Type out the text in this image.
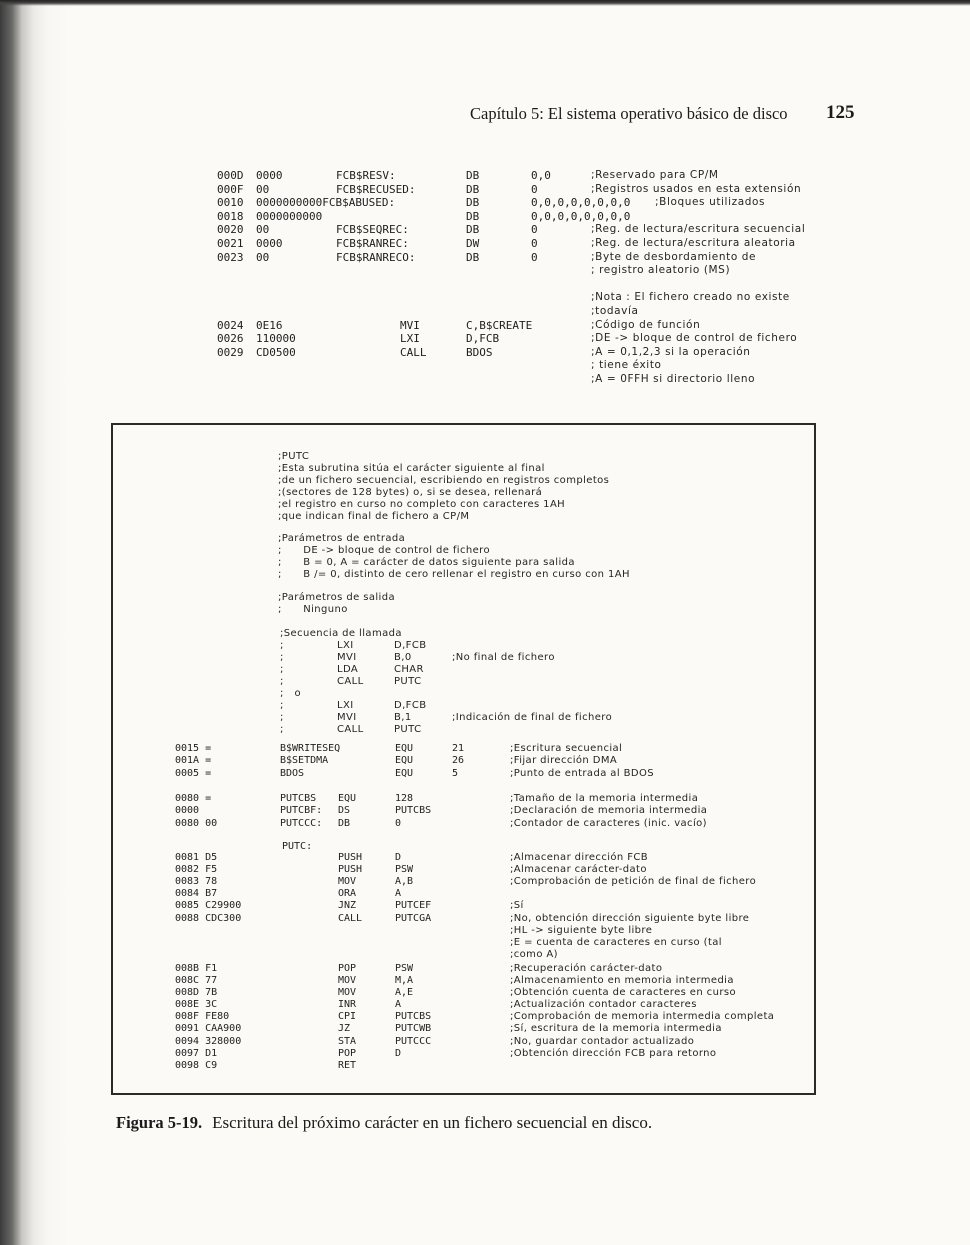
Capítulo 5: El sistema operativo básico de disco 125
000D 0000	FCB$RESV:	DB	0,0	;Reservado para CP/M
000F 00	FCB$RECUSED:	DB	0	;Registros usados en esta extensión
0010 0000000000FCB$ABUSED:	DB	0,0,0,0,0,0,0,0 ;Bloques utilizados
0018 0000000000	DB	0,0,0,0,0,0,0,0
0020 00	FCB$SEQREC:	DB	0	;Reg. de lectura/escritura secuencial
0021 0000	FCB$RANREC:	DW	0	;Reg. de lectura/escritura aleatoria
0023 00	FCB$RANRECO:	DB	0	;Byte de desbordamiento de
; registro aleatorio (MS)
;Nota : El fichero creado no existe
;todavía
0024 0E16	MVI	C,B$CREATE	;Código de función
0026 110000	LXI	D,FCB	;DE -> bloque de control de fichero
0029 CD0500	CALL	BDOS	;A = 0,1,2,3 si la operación
; tiene éxito
;A = 0FFH si directorio lleno
;PUTC
;Esta subrutina sitúa el carácter siguiente al final
;de un fichero secuencial, escribiendo en registros completos
;(sectores de 128 bytes) o, si se desea, rellenará
;el registro en curso no completo con caracteres 1AH
;que indican final de fichero a CP/M
;Parámetros de entrada
;      DE -> bloque de control de fichero
;      B = 0, A = carácter de datos siguiente para salida
;      B /= 0, distinto de cero rellenar el registro en curso con 1AH
;Parámetros de salida
;      Ninguno
;Secuencia de llamada
;	LXI	D,FCB
;	MVI	B,0	;No final de fichero
;	LDA	CHAR
;	CALL	PUTC
;   o
;	LXI	D,FCB
;	MVI	B,1	;Indicación de final de fichero
;	CALL	PUTC
0015 =	B$WRITESEQ	EQU	21	;Escritura secuencial
001A =	B$SETDMA	EQU	26	;Fijar dirección DMA
0005 =	BDOS	EQU	5	;Punto de entrada al BDOS
0080 =	PUTCBS EQU	128	;Tamaño de la memoria intermedia
0000	PUTCBF: DS	PUTCBS	;Declaración de memoria intermedia
0080 00	PUTCCC: DB	0	;Contador de caracteres (inic. vacío)
PUTC:
0081 D5	PUSH	D	;Almacenar dirección FCB
0082 F5	PUSH	PSW	;Almacenar carácter-dato
0083 78	MOV	A,B	;Comprobación de petición de final de fichero
0084 B7	ORA	A
0085 C29900	JNZ	PUTCEF	;Sí
0088 CDC300	CALL	PUTCGA	;No, obtención dirección siguiente byte libre
;HL -> siguiente byte libre
;E = cuenta de caracteres en curso (tal
;como A)
008B F1	POP	PSW	;Recuperación carácter-dato
008C 77	MOV	M,A	;Almacenamiento en memoria intermedia
008D 7B	MOV	A,E	;Obtención cuenta de caracteres en curso
008E 3C	INR	A	;Actualización contador caracteres
008F FE80	CPI	PUTCBS	;Comprobación de memoria intermedia completa
0091 CAA900	JZ	PUTCWB	;Sí, escritura de la memoria intermedia
0094 328000	STA	PUTCCC	;No, guardar contador actualizado
0097 D1	POP	D	;Obtención dirección FCB para retorno
0098 C9	RET
Figura 5-19. Escritura del próximo carácter en un fichero secuencial en disco.
